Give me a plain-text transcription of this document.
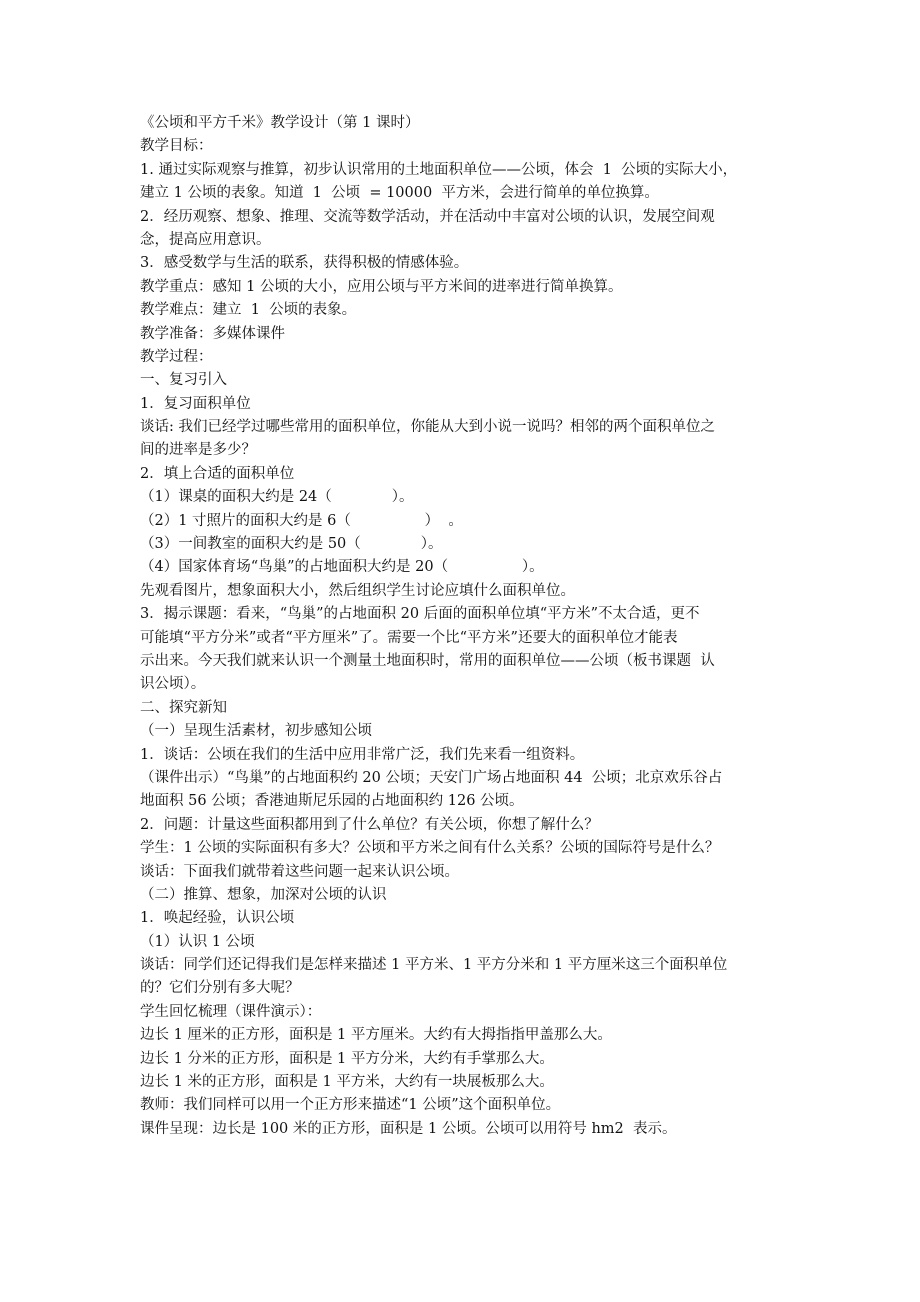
《公顷和平方千米》教学设计（第 1 课时）

教学目标：

1. 通过实际观察与推算，初步认识常用的土地面积单位——公顷，体会  1  公顷的实际大小，

建立 1 公顷的表象。知道  1  公顷  = 10000  平方米，会进行简单的单位换算。

2．经历观察、想象、推理、交流等数学活动，并在活动中丰富对公顷的认识，发展空间观

念，提高应用意识。

3．感受数学与生活的联系，获得积极的情感体验。

教学重点：感知 1 公顷的大小，应用公顷与平方米间的进率进行简单换算。

教学难点：建立  1  公顷的表象。

教学准备：多媒体课件

教学过程：

一、复习引入

1．复习面积单位

谈话: 我们已经学过哪些常用的面积单位，你能从大到小说一说吗？相邻的两个面积单位之

间的进率是多少？

2．填上合适的面积单位

（1）课桌的面积大约是 24（             ）。

（2）1 寸照片的面积大约是 6（                ）  。

（3）一间教室的面积大约是 50（             ）。

（4）国家体育场“鸟巢”的占地面积大约是 20（                ）。

先观看图片，想象面积大小，然后组织学生讨论应填什么面积单位。

3．揭示课题：看来，“鸟巢”的占地面积 20 后面的面积单位填“平方米”不太合适，更不

可能填“平方分米”或者“平方厘米”了。需要一个比“平方米”还要大的面积单位才能表

示出来。今天我们就来认识一个测量土地面积时，常用的面积单位——公顷（板书课题  认

识公顷）。

二、探究新知

（一）呈现生活素材，初步感知公顷

1．谈话：公顷在我们的生活中应用非常广泛，我们先来看一组资料。

（课件出示）“鸟巢”的占地面积约 20 公顷；天安门广场占地面积 44  公顷；北京欢乐谷占

地面积 56 公顷；香港迪斯尼乐园的占地面积约 126 公顷。

2．问题：计量这些面积都用到了什么单位？有关公顷，你想了解什么？

学生：1 公顷的实际面积有多大？公顷和平方米之间有什么关系？公顷的国际符号是什么？

谈话：下面我们就带着这些问题一起来认识公顷。

（二）推算、想象，加深对公顷的认识

1．唤起经验，认识公顷

（1）认识 1 公顷

谈话：同学们还记得我们是怎样来描述 1 平方米、1 平方分米和 1 平方厘米这三个面积单位

的？它们分别有多大呢？

学生回忆梳理（课件演示）：

边长 1 厘米的正方形，面积是 1 平方厘米。大约有大拇指指甲盖那么大。

边长 1 分米的正方形，面积是 1 平方分米，大约有手掌那么大。

边长 1 米的正方形，面积是 1 平方米，大约有一块展板那么大。

教师：我们同样可以用一个正方形来描述“1 公顷”这个面积单位。

课件呈现：边长是 100 米的正方形，面积是 1 公顷。公顷可以用符号 hm2  表示。
